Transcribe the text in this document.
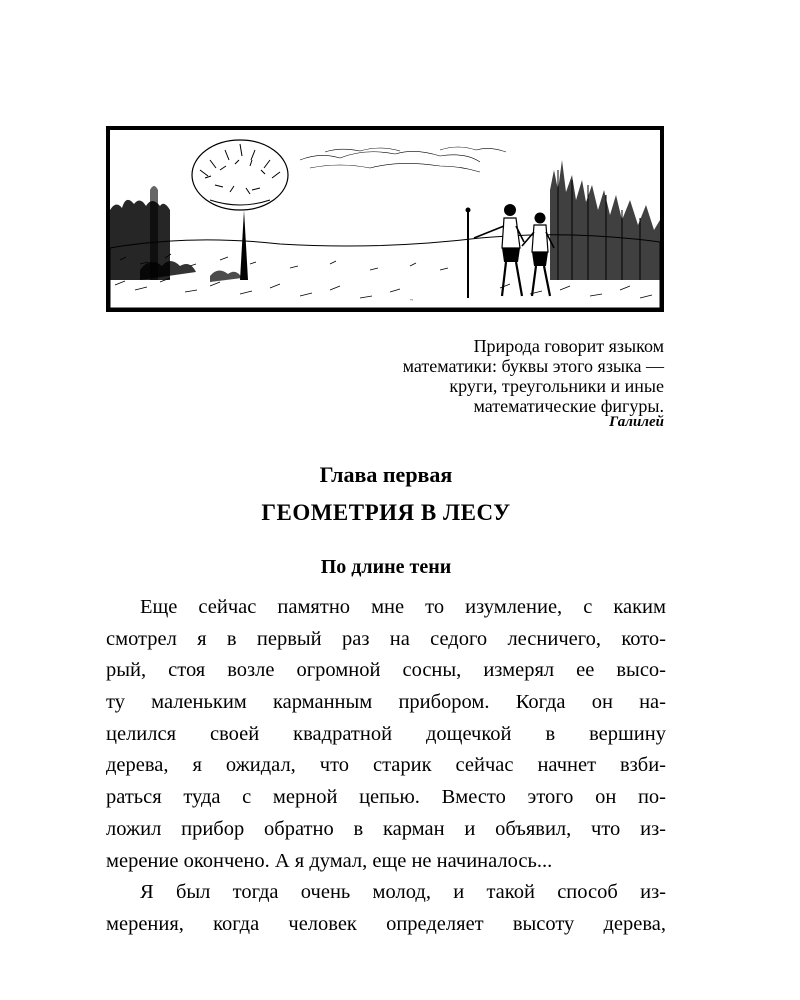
~
Природа говорит языком
математики: буквы этого языка —
круги, треугольники и иные
математические фигуры.
Галилей
Глава первая
ГЕОМЕТРИЯ В ЛЕСУ
По длине тени
Еще сейчас памятно мне то изумление, с каким
смотрел я в первый раз на седого лесничего, кото-
рый, стоя возле огромной сосны, измерял ее высо-
ту маленьким карманным прибором. Когда он на-
целился своей квадратной дощечкой в вершину
дерева, я ожидал, что старик сейчас начнет взби-
раться туда с мерной цепью. Вместо этого он по-
ложил прибор обратно в карман и объявил, что из-
мерение окончено. А я думал, еще не начиналось...
Я был тогда очень молод, и такой способ из-
мерения, когда человек определяет высоту дерева,
